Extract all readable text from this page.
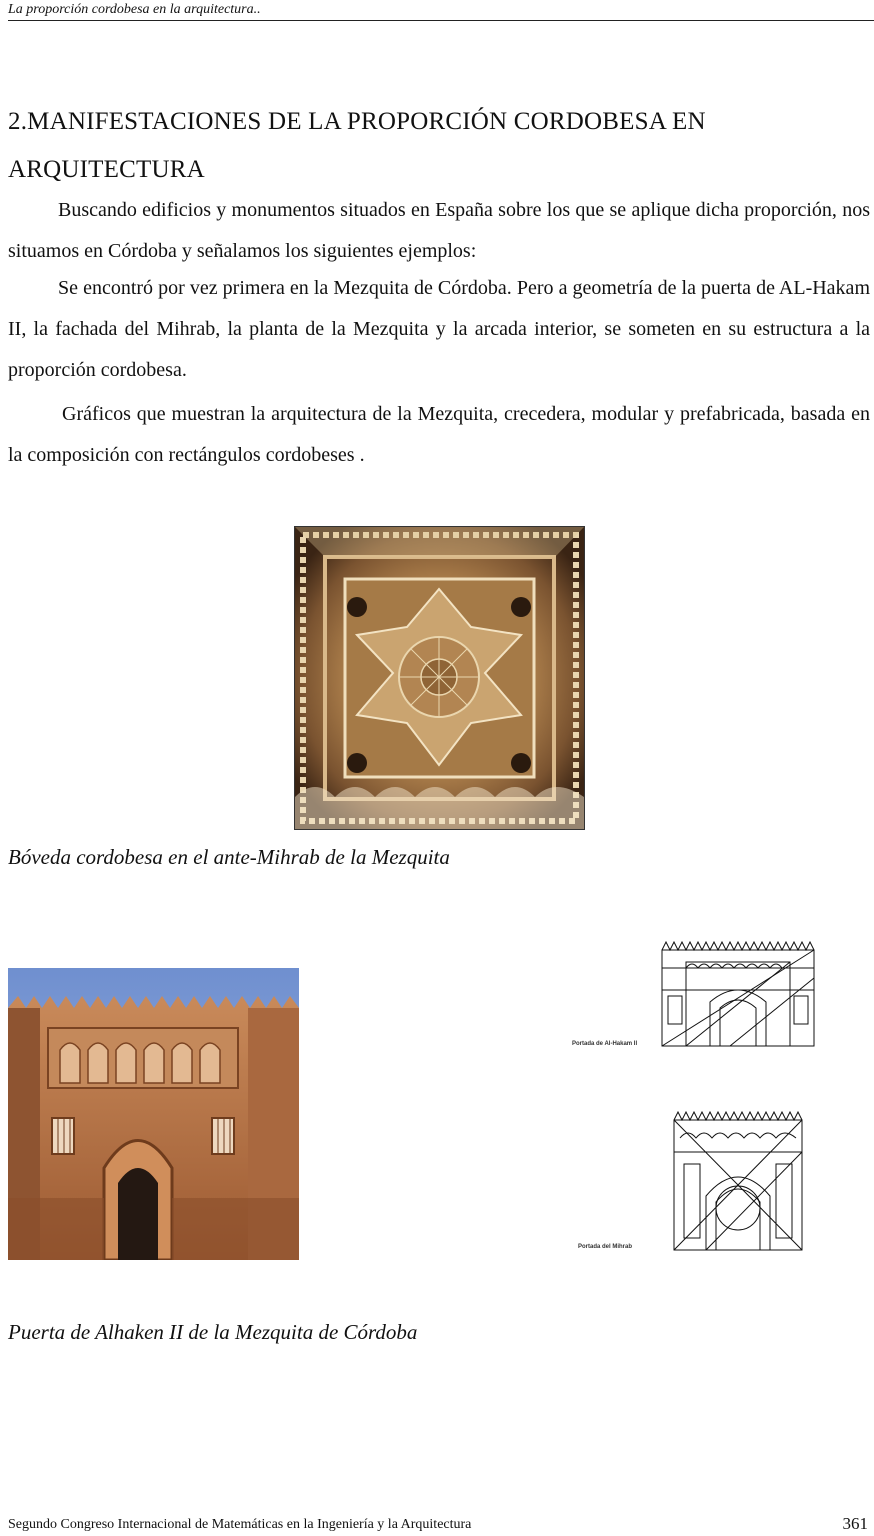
La proporción cordobesa en la arquitectura..
2.MANIFESTACIONES DE LA PROPORCIÓN CORDOBESA EN ARQUITECTURA
Buscando edificios y monumentos situados en España sobre los que se aplique dicha proporción, nos situamos en Córdoba y señalamos los siguientes ejemplos:
Se encontró por vez primera en la Mezquita de Córdoba. Pero a geometría de la puerta de AL-Hakam II, la fachada del Mihrab, la planta de la Mezquita y la arcada interior, se someten en su estructura a la proporción cordobesa.
Gráficos que muestran la arquitectura de la Mezquita, crecedera, modular y prefabricada, basada en la composición con rectángulos cordobeses .
Bóveda cordobesa en el ante-Mihrab de la Mezquita
Portada de Al-Hakam II
Portada del Mihrab
Puerta de Alhaken II de la Mezquita de Córdoba
Segundo Congreso Internacional de Matemáticas en la Ingeniería y la Arquitectura	361
